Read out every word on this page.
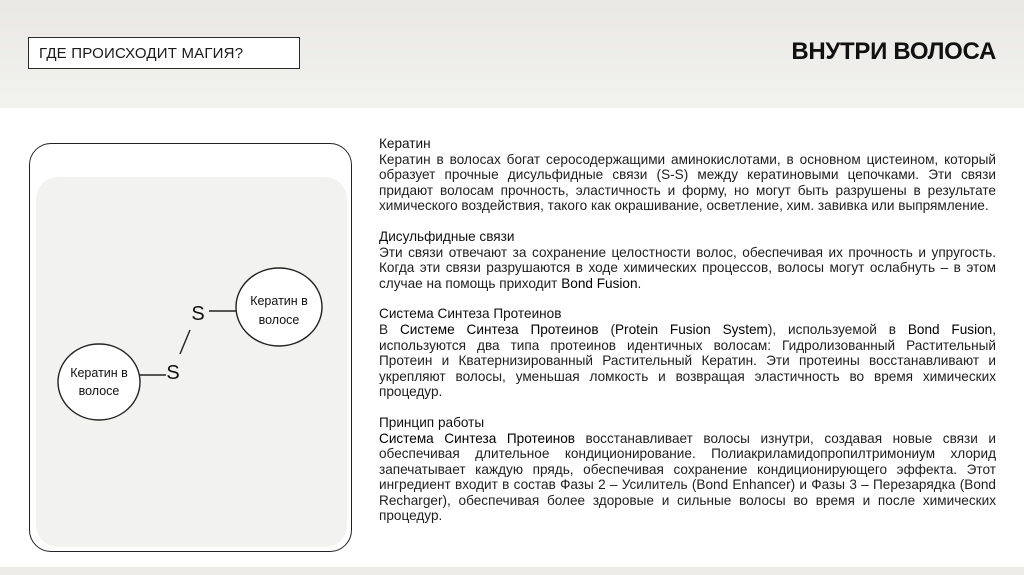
ГДЕ ПРОИСХОДИТ МАГИЯ?	ВНУТРИ ВОЛОСА
S
S
Кератин в
волосе
Кератин в
волосе
Кератин
Кератин в волосах богат серосодержащими аминокислотами, в основном цистеином, который образует прочные дисульфидные связи (S-S) между кератиновыми цепочками. Эти связи придают волосам прочность, эластичность и форму, но могут быть разрушены в результате химического воздействия, такого как окрашивание, осветление, хим. завивка или выпрямление.
Дисульфидные связи
Эти связи отвечают за сохранение целостности волос, обеспечивая их прочность и упругость. Когда эти связи разрушаются в ходе химических процессов, волосы могут ослабнуть – в этом случае на помощь приходит Bond Fusion.
Система Синтеза Протеинов
В Системе Синтеза Протеинов (Protein Fusion System), используемой в Bond Fusion, используются два типа протеинов идентичных волосам: Гидролизованный Растительный Протеин и Кватернизированный Растительный Кератин. Эти протеины восстанавливают и укрепляют волосы, уменьшая ломкость и возвращая эластичность во время химических процедур.
Принцип работы
Система Синтеза Протеинов восстанавливает волосы изнутри, создавая новые связи и обеспечивая длительное кондиционирование. Полиакриламидопропилтримониум хлорид запечатывает каждую прядь, обеспечивая сохранение кондиционирующего эффекта. Этот ингредиент входит в состав Фазы 2 – Усилитель (Bond Enhancer) и Фазы 3 – Перезарядка (Bond Recharger), обеспечивая более здоровые и сильные волосы во время и после химических процедур.
